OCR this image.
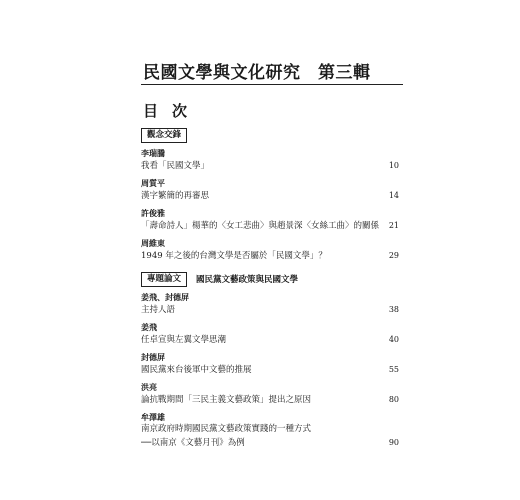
民國文學與文化研究　第三輯
目次
觀念交鋒
李瑞騰
我看「民國文學」	10
周質平
漢字繁簡的再審思	14
許俊雅
「壽命詩人」楊華的〈女工悲曲〉與趙景深〈女絲工曲〉的關係	21
周維東
1949 年之後的台灣文學是否屬於「民國文學」？	29
專題論文	國民黨文藝政策與民國文學
姜飛、封德屏
主持人語	38
姜飛
任卓宣與左翼文學思潮	40
封德屏
國民黨來台後軍中文藝的推展	55
洪亮
論抗戰期間「三民主義文藝政策」提出之原因	80
牟澤雄
南京政府時期國民黨文藝政策實踐的一種方式
──以南京《文藝月刊》為例	90
